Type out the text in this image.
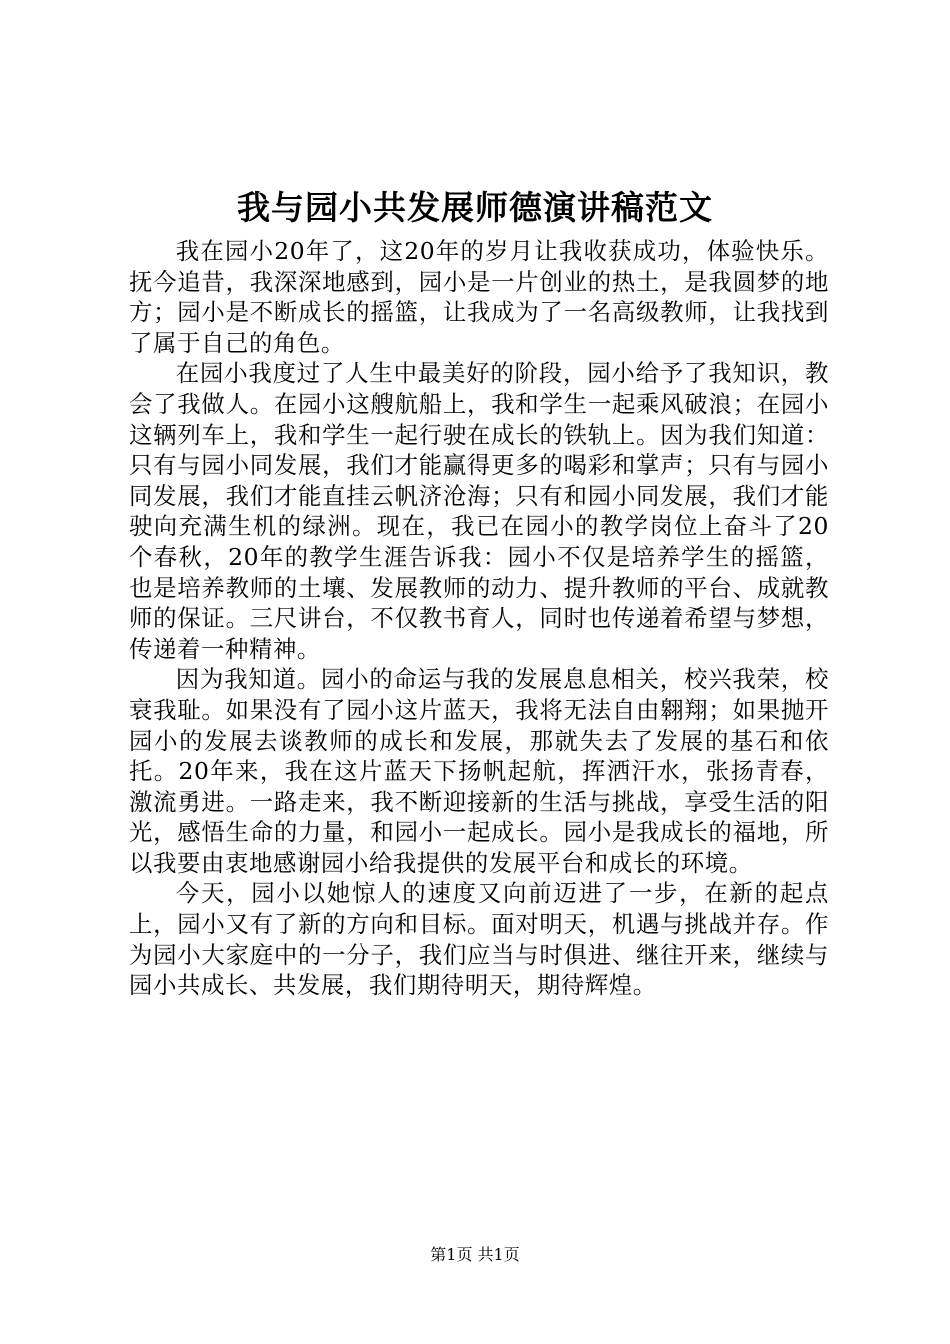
我与园小共发展师德演讲稿范文

我在园小20年了，这20年的岁月让我收获成功，体验快乐。抚今追昔，我深深地感到，园小是一片创业的热土，是我圆梦的地方；园小是不断成长的摇篮，让我成为了一名高级教师，让我找到了属于自己的角色。

在园小我度过了人生中最美好的阶段，园小给予了我知识，教会了我做人。在园小这艘航船上，我和学生一起乘风破浪；在园小这辆列车上，我和学生一起行驶在成长的铁轨上。因为我们知道：只有与园小同发展，我们才能赢得更多的喝彩和掌声；只有与园小同发展，我们才能直挂云帆济沧海；只有和园小同发展，我们才能驶向充满生机的绿洲。现在，我已在园小的教学岗位上奋斗了20个春秋，20年的教学生涯告诉我：园小不仅是培养学生的摇篮，也是培养教师的土壤、发展教师的动力、提升教师的平台、成就教师的保证。三尺讲台，不仅教书育人，同时也传递着希望与梦想，传递着一种精神。

因为我知道。园小的命运与我的发展息息相关，校兴我荣，校衰我耻。如果没有了园小这片蓝天，我将无法自由翱翔；如果抛开园小的发展去谈教师的成长和发展，那就失去了发展的基石和依托。20年来，我在这片蓝天下扬帆起航，挥洒汗水，张扬青春，激流勇进。一路走来，我不断迎接新的生活与挑战，享受生活的阳光，感悟生命的力量，和园小一起成长。园小是我成长的福地，所以我要由衷地感谢园小给我提供的发展平台和成长的环境。

今天，园小以她惊人的速度又向前迈进了一步，在新的起点上，园小又有了新的方向和目标。面对明天，机遇与挑战并存。作为园小大家庭中的一分子，我们应当与时俱进、继往开来，继续与园小共成长、共发展，我们期待明天，期待辉煌。

第1页 共1页
